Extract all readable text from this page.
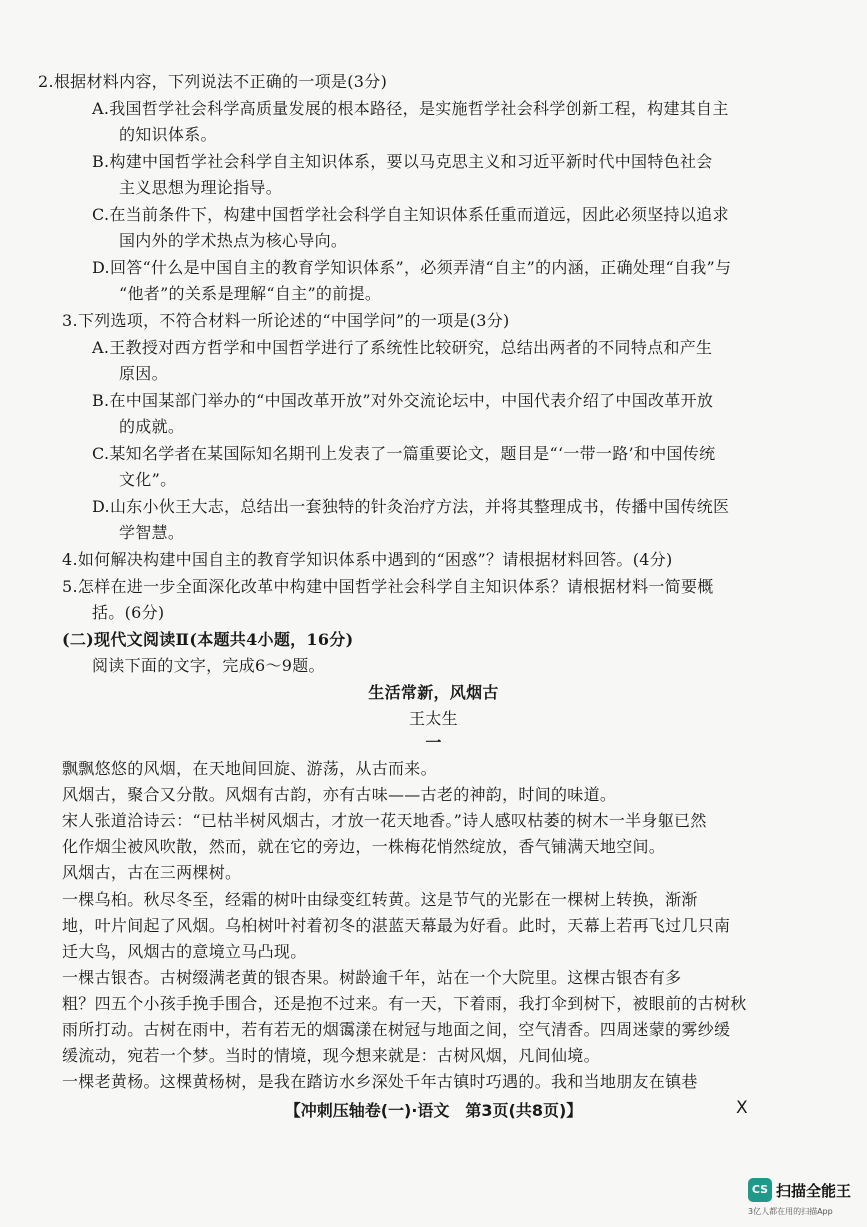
2.根据材料内容，下列说法不正确的一项是(3分)
A.我国哲学社会科学高质量发展的根本路径，是实施哲学社会科学创新工程，构建其自主
的知识体系。
B.构建中国哲学社会科学自主知识体系，要以马克思主义和习近平新时代中国特色社会
主义思想为理论指导。
C.在当前条件下，构建中国哲学社会科学自主知识体系任重而道远，因此必须坚持以追求
国内外的学术热点为核心导向。
D.回答“什么是中国自主的教育学知识体系”，必须弄清“自主”的内涵，正确处理“自我”与
“他者”的关系是理解“自主”的前提。
3.下列选项，不符合材料一所论述的“中国学问”的一项是(3分)
A.王教授对西方哲学和中国哲学进行了系统性比较研究，总结出两者的不同特点和产生
原因。
B.在中国某部门举办的“中国改革开放”对外交流论坛中，中国代表介绍了中国改革开放
的成就。
C.某知名学者在某国际知名期刊上发表了一篇重要论文，题目是“‘一带一路’和中国传统
文化”。
D.山东小伙王大志，总结出一套独特的针灸治疗方法，并将其整理成书，传播中国传统医
学智慧。
4.如何解决构建中国自主的教育学知识体系中遇到的“困惑”？请根据材料回答。(4分)
5.怎样在进一步全面深化改革中构建中国哲学社会科学自主知识体系？请根据材料一简要概
括。(6分)
(二)现代文阅读Ⅱ(本题共4小题，16分)
阅读下面的文字，完成6～9题。
生活常新，风烟古
王太生
一
飘飘悠悠的风烟，在天地间回旋、游荡，从古而来。
风烟古，聚合又分散。风烟有古韵，亦有古味——古老的神韵，时间的味道。
宋人张道洽诗云：“已枯半树风烟古，才放一花天地香。”诗人感叹枯萎的树木一半身躯已然
化作烟尘被风吹散，然而，就在它的旁边，一株梅花悄然绽放，香气铺满天地空间。
风烟古，古在三两棵树。
一棵乌桕。秋尽冬至，经霜的树叶由绿变红转黄。这是节气的光影在一棵树上转换，渐渐
地，叶片间起了风烟。乌桕树叶衬着初冬的湛蓝天幕最为好看。此时，天幕上若再飞过几只南
迁大鸟，风烟古的意境立马凸现。
一棵古银杏。古树缀满老黄的银杏果。树龄逾千年，站在一个大院里。这棵古银杏有多
粗？四五个小孩手挽手围合，还是抱不过来。有一天，下着雨，我打伞到树下，被眼前的古树秋
雨所打动。古树在雨中，若有若无的烟霭漾在树冠与地面之间，空气清香。四周迷蒙的雾纱缓
缓流动，宛若一个梦。当时的情境，现今想来就是：古树风烟，凡间仙境。
一棵老黄杨。这棵黄杨树，是我在踏访水乡深处千年古镇时巧遇的。我和当地朋友在镇巷
【冲刺压轴卷(一)·语文　第3页(共8页)】	X
CS 扫描全能王
3亿人都在用的扫描App
